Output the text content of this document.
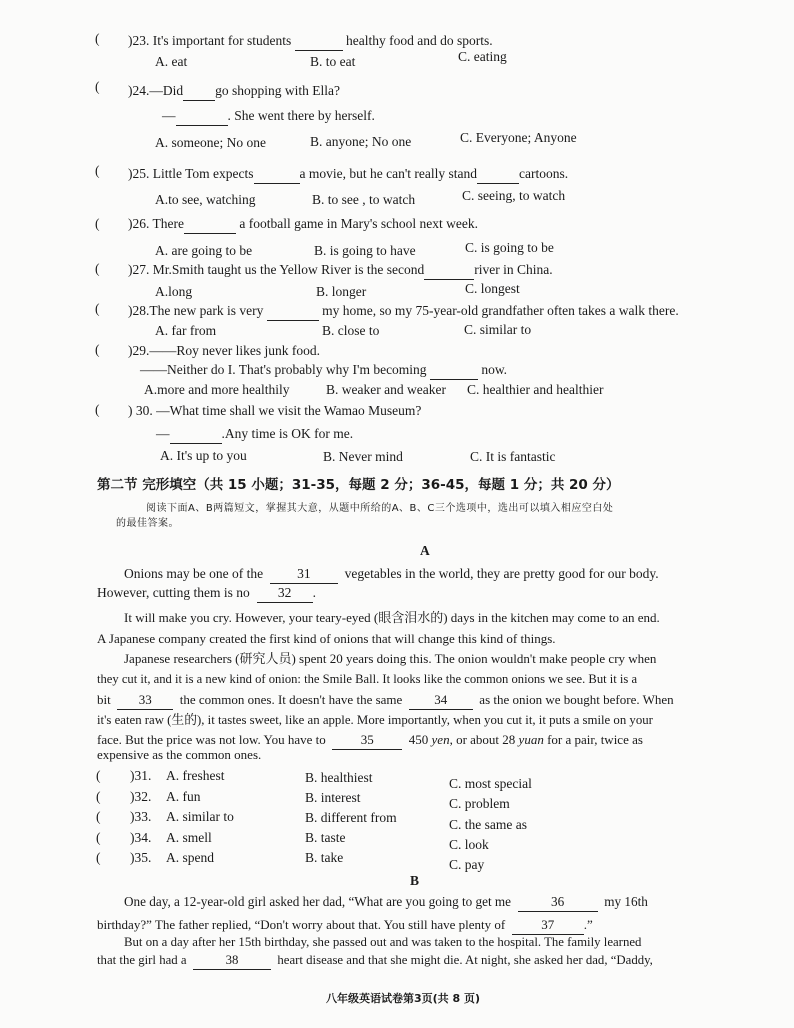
( )23. It's important for students	healthy food and do sports.
A. eat	B. to eat	C. eating
( )24.—Did go shopping with Ella?
—	. She went there by herself.
A. someone; No one	B. anyone; No one	C. Everyone; Anyone
( )25. Little Tom expects	a movie, but he can't really stand	cartoons.
A.to see, watching	B. to see , to watch	C. seeing, to watch
( )26. There	a football game in Mary's school next week.
A. are going to be	B. is going to have	C. is going to be
( )27. Mr.Smith taught us the Yellow River is the second	river in China.
A.long	B. longer	C. longest
( )28.The new park is very	my home, so my 75-year-old grandfather often takes a walk there.
A. far from	B. close to	C. similar to
( )29.——Roy never likes junk food.
——Neither do I. That's probably why I'm becoming	now.
A.more and more healthily	B. weaker and weaker C. healthier and healthier
( ) 30. —What time shall we visit the Wamao Museum?
—	.Any time is OK for me.
A. It's up to you	B. Never mind	C. It is fantastic
第二节 完形填空（共 15 小题；31-35，每题 2 分；36-45，每题 1 分；共 20 分）
阅读下面A、B两篇短文，掌握其大意，从题中所给的A、B、C三个选项中，选出可以填入相应空白处
的最佳答案。
A
Onions may be one of the	31	vegetables in the world, they are pretty good for our body.
However, cutting them is no 32 .
It will make you cry. However, your teary-eyed (眼含泪水的) days in the kitchen may come to an end.
A Japanese company created the first kind of onions that will change this kind of things.
Japanese researchers (研究人员) spent 20 years doing this. The onion wouldn't make people cry when
they cut it, and it is a new kind of onion: the Smile Ball. It looks like the common onions we see. But it is a
bit 33 the common ones. It doesn't have the same 34 as the onion we bought before. When
it's eaten raw (生的), it tastes sweet, like an apple. More importantly, when you cut it, it puts a smile on your
face. But the price was not low. You have to	35	450 yen, or about 28 yuan for a pair, twice as
expensive as the common ones.
( )31. A. freshest	B. healthiest	C. most special
( )32. A. fun	B. interest	C. problem
( )33. A. similar to	B. different from	C. the same as
( )34. A. smell	B. taste	C. look
( )35. A. spend	B. take	C. pay
B
One day, a 12-year-old girl asked her dad, “What are you going to get me	36	my 16th
birthday?” The father replied, “Don't worry about that. You still have plenty of	37 .”
But on a day after her 15th birthday, she passed out and was taken to the hospital. The family learned
that the girl had a	38	heart disease and that she might die. At night, she asked her dad, “Daddy,
八年级英语试卷第3页(共 8 页)
